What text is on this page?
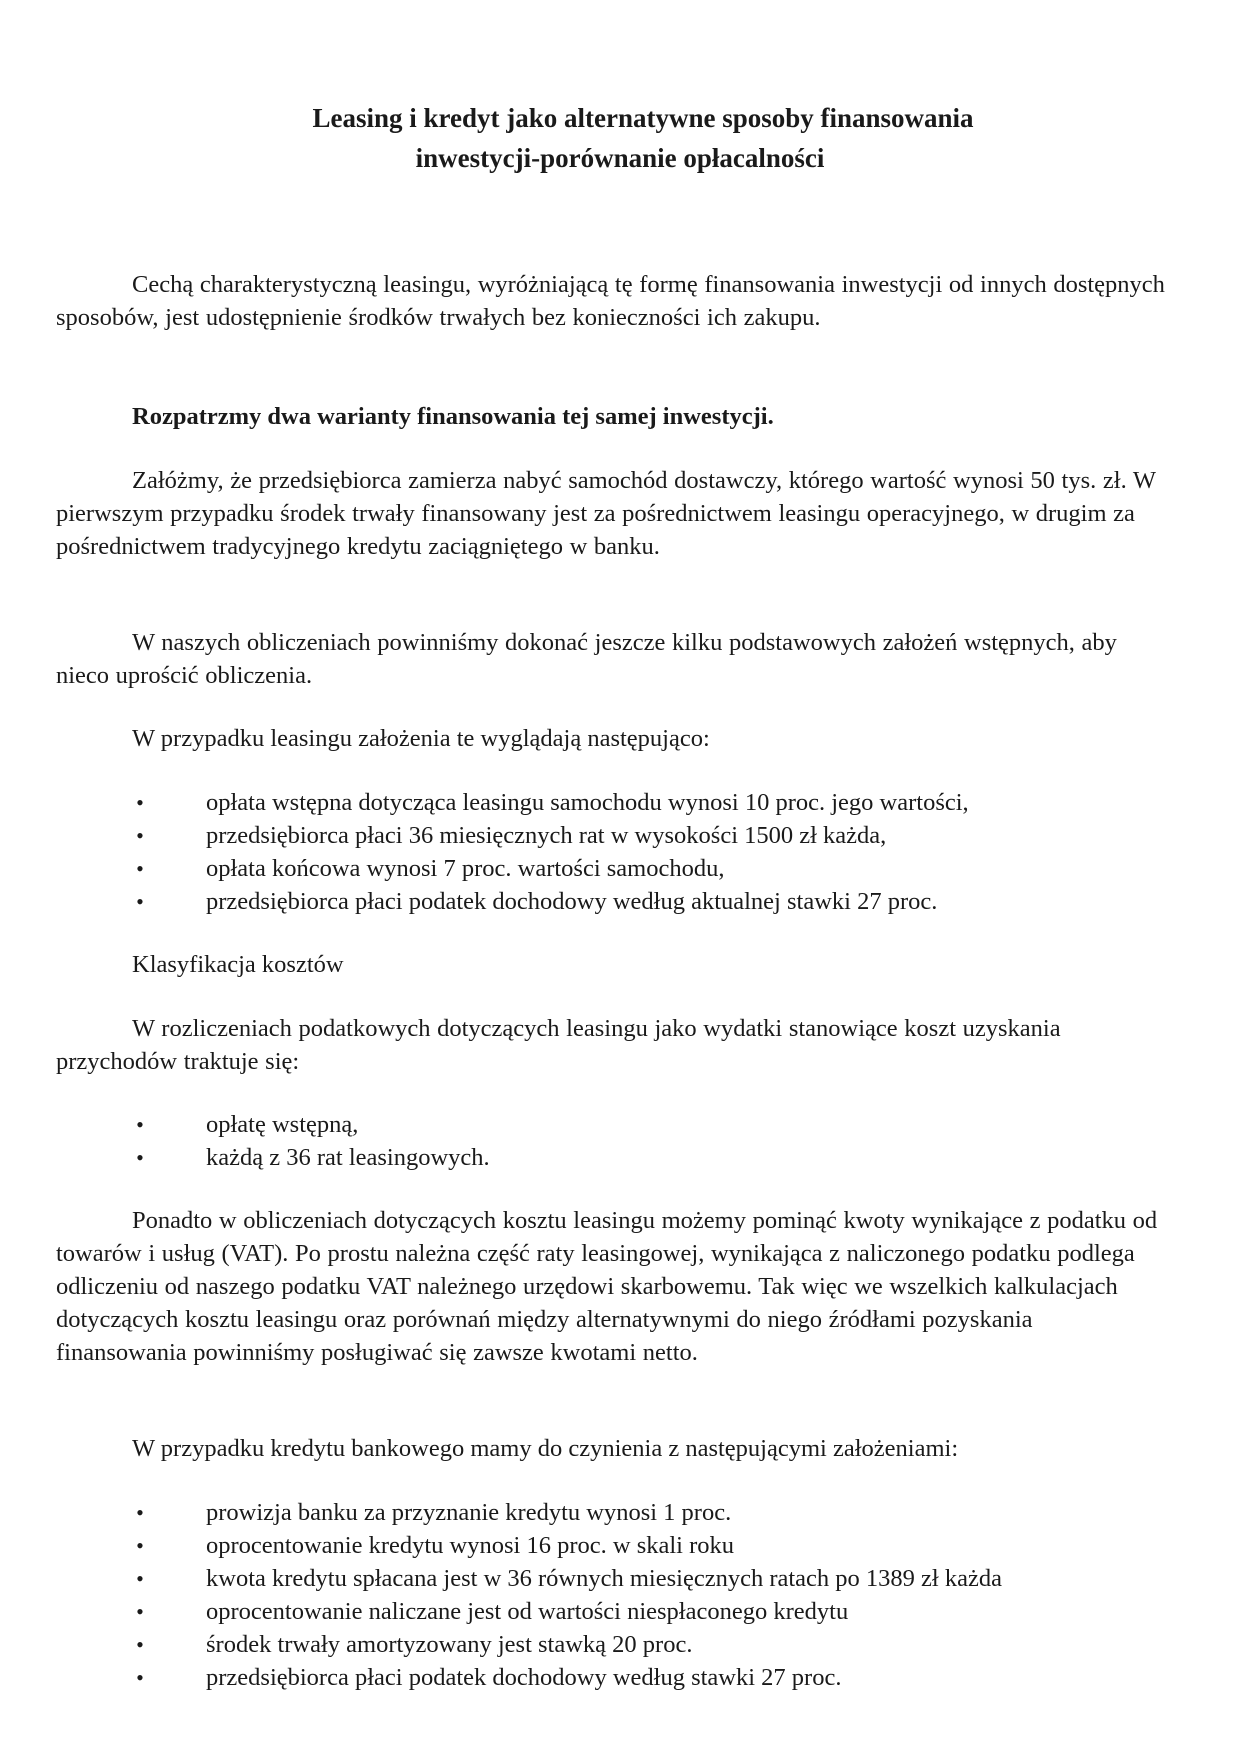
Leasing i kredyt jako alternatywne sposoby finansowania
inwestycji-porównanie opłacalności

Cechą charakterystyczną leasingu, wyróżniającą tę formę finansowania inwestycji od innych dostępnych sposobów, jest udostępnienie środków trwałych bez konieczności ich zakupu.

Rozpatrzmy dwa warianty finansowania tej samej inwestycji.

Załóżmy, że przedsiębiorca zamierza nabyć samochód dostawczy, którego wartość wynosi 50 tys. zł. W pierwszym przypadku środek trwały finansowany jest za pośrednictwem leasingu operacyjnego, w drugim za pośrednictwem tradycyjnego kredytu zaciągniętego w banku.

W naszych obliczeniach powinniśmy dokonać jeszcze kilku podstawowych założeń wstępnych, aby nieco uprościć obliczenia.

W przypadku leasingu założenia te wyglądają następująco:

•	opłata wstępna dotycząca leasingu samochodu wynosi 10 proc. jego wartości,
•	przedsiębiorca płaci 36 miesięcznych rat w wysokości 1500 zł każda,
•	opłata końcowa wynosi 7 proc. wartości samochodu,
•	przedsiębiorca płaci podatek dochodowy według aktualnej stawki 27 proc.

Klasyfikacja kosztów

W rozliczeniach podatkowych dotyczących leasingu jako wydatki stanowiące koszt uzyskania przychodów traktuje się:

•	opłatę wstępną,
•	każdą z 36 rat leasingowych.

Ponadto w obliczeniach dotyczących kosztu leasingu możemy pominąć kwoty wynikające z podatku od towarów i usług (VAT). Po prostu należna część raty leasingowej, wynikająca z naliczonego podatku podlega odliczeniu od naszego podatku VAT należnego urzędowi skarbowemu. Tak więc we wszelkich kalkulacjach dotyczących kosztu leasingu oraz porównań między alternatywnymi do niego źródłami pozyskania finansowania powinniśmy posługiwać się zawsze kwotami netto.

W przypadku kredytu bankowego mamy do czynienia z następującymi założeniami:

•	prowizja banku za przyznanie kredytu wynosi 1 proc.
•	oprocentowanie kredytu wynosi 16 proc. w skali roku
•	kwota kredytu spłacana jest w 36 równych miesięcznych ratach po 1389 zł każda
•	oprocentowanie naliczane jest od wartości niespłaconego kredytu
•	środek trwały amortyzowany jest stawką 20 proc.
•	przedsiębiorca płaci podatek dochodowy według stawki 27 proc.
